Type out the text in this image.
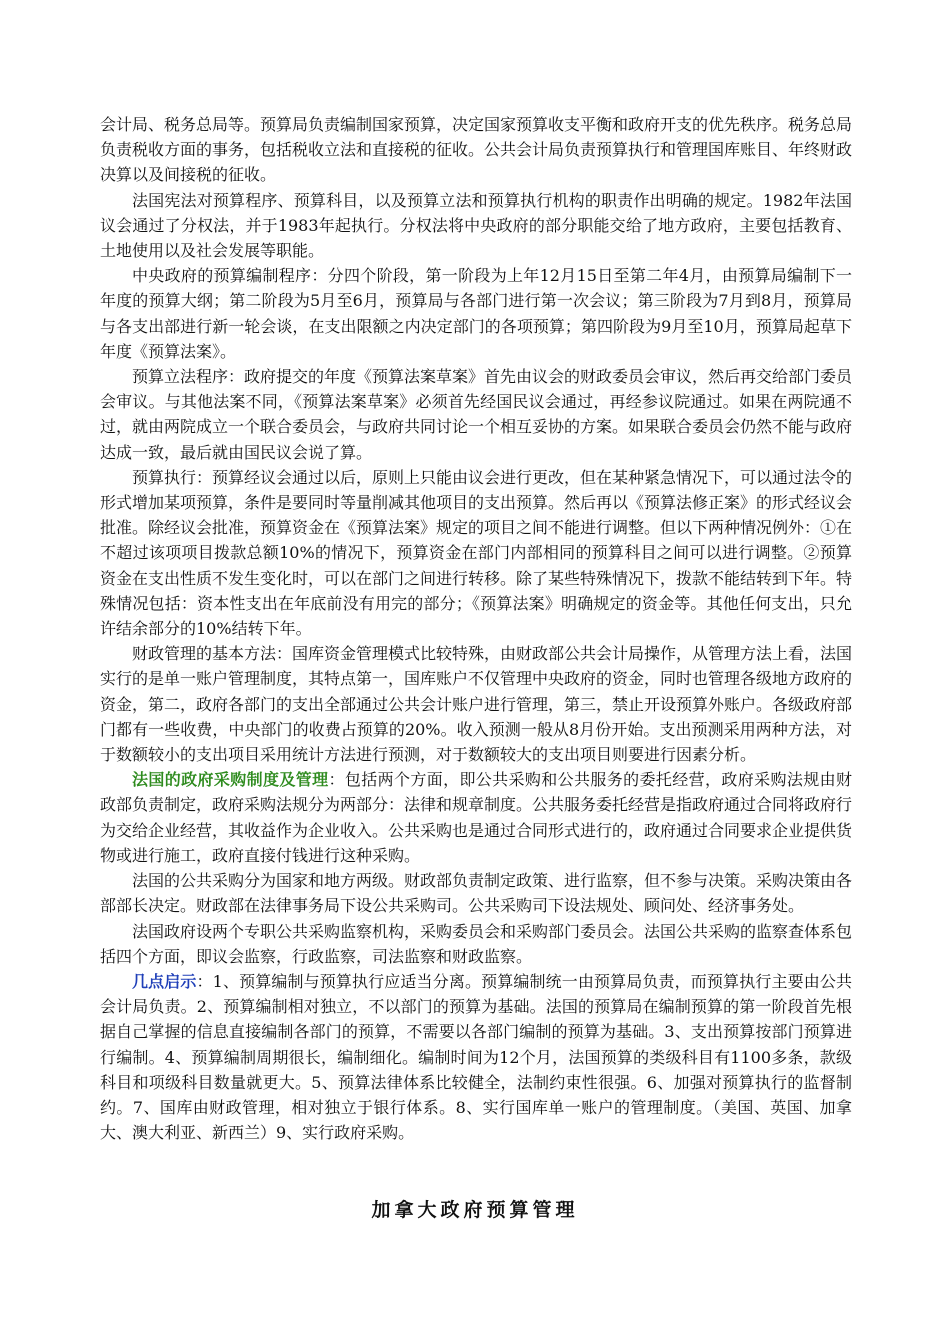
会计局、税务总局等。预算局负责编制国家预算，决定国家预算收支平衡和政府开支的优先秩序。税务总局负责税收方面的事务，包括税收立法和直接税的征收。公共会计局负责预算执行和管理国库账目、年终财政决算以及间接税的征收。

法国宪法对预算程序、预算科目，以及预算立法和预算执行机构的职责作出明确的规定。1982年法国议会通过了分权法，并于1983年起执行。分权法将中央政府的部分职能交给了地方政府，主要包括教育、土地使用以及社会发展等职能。

中央政府的预算编制程序：分四个阶段，第一阶段为上年12月15日至第二年4月，由预算局编制下一年度的预算大纲；第二阶段为5月至6月，预算局与各部门进行第一次会议；第三阶段为7月到8月，预算局与各支出部进行新一轮会谈，在支出限额之内决定部门的各项预算；第四阶段为9月至10月，预算局起草下年度《预算法案》。

预算立法程序：政府提交的年度《预算法案草案》首先由议会的财政委员会审议，然后再交给部门委员会审议。与其他法案不同，《预算法案草案》必须首先经国民议会通过，再经参议院通过。如果在两院通不过，就由两院成立一个联合委员会，与政府共同讨论一个相互妥协的方案。如果联合委员会仍然不能与政府达成一致，最后就由国民议会说了算。

预算执行：预算经议会通过以后，原则上只能由议会进行更改，但在某种紧急情况下，可以通过法令的形式增加某项预算，条件是要同时等量削减其他项目的支出预算。然后再以《预算法修正案》的形式经议会批准。除经议会批准，预算资金在《预算法案》规定的项目之间不能进行调整。但以下两种情况例外：①在不超过该项项目拨款总额10%的情况下，预算资金在部门内部相同的预算科目之间可以进行调整。②预算资金在支出性质不发生变化时，可以在部门之间进行转移。除了某些特殊情况下，拨款不能结转到下年。特殊情况包括：资本性支出在年底前没有用完的部分；《预算法案》明确规定的资金等。其他任何支出，只允许结余部分的10%结转下年。

财政管理的基本方法：国库资金管理模式比较特殊，由财政部公共会计局操作，从管理方法上看，法国实行的是单一账户管理制度，其特点第一，国库账户不仅管理中央政府的资金，同时也管理各级地方政府的资金，第二，政府各部门的支出全部通过公共会计账户进行管理，第三，禁止开设预算外账户。各级政府部门都有一些收费，中央部门的收费占预算的20%。收入预测一般从8月份开始。支出预测采用两种方法，对于数额较小的支出项目采用统计方法进行预测，对于数额较大的支出项目则要进行因素分析。

法国的政府采购制度及管理：包括两个方面，即公共采购和公共服务的委托经营，政府采购法规由财政部负责制定，政府采购法规分为两部分：法律和规章制度。公共服务委托经营是指政府通过合同将政府行为交给企业经营，其收益作为企业收入。公共采购也是通过合同形式进行的，政府通过合同要求企业提供货物或进行施工，政府直接付钱进行这种采购。

法国的公共采购分为国家和地方两级。财政部负责制定政策、进行监察，但不参与决策。采购决策由各部部长决定。财政部在法律事务局下设公共采购司。公共采购司下设法规处、顾问处、经济事务处。

法国政府设两个专职公共采购监察机构，采购委员会和采购部门委员会。法国公共采购的监察查体系包括四个方面，即议会监察，行政监察，司法监察和财政监察。

几点启示：1、预算编制与预算执行应适当分离。预算编制统一由预算局负责，而预算执行主要由公共会计局负责。2、预算编制相对独立，不以部门的预算为基础。法国的预算局在编制预算的第一阶段首先根据自己掌握的信息直接编制各部门的预算，不需要以各部门编制的预算为基础。3、支出预算按部门预算进行编制。4、预算编制周期很长，编制细化。编制时间为12个月，法国预算的类级科目有1100多条，款级科目和项级科目数量就更大。5、预算法律体系比较健全，法制约束性很强。6、加强对预算执行的监督制约。7、国库由财政管理，相对独立于银行体系。8、实行国库单一账户的管理制度。（美国、英国、加拿大、澳大利亚、新西兰）9、实行政府采购。

加拿大政府预算管理
